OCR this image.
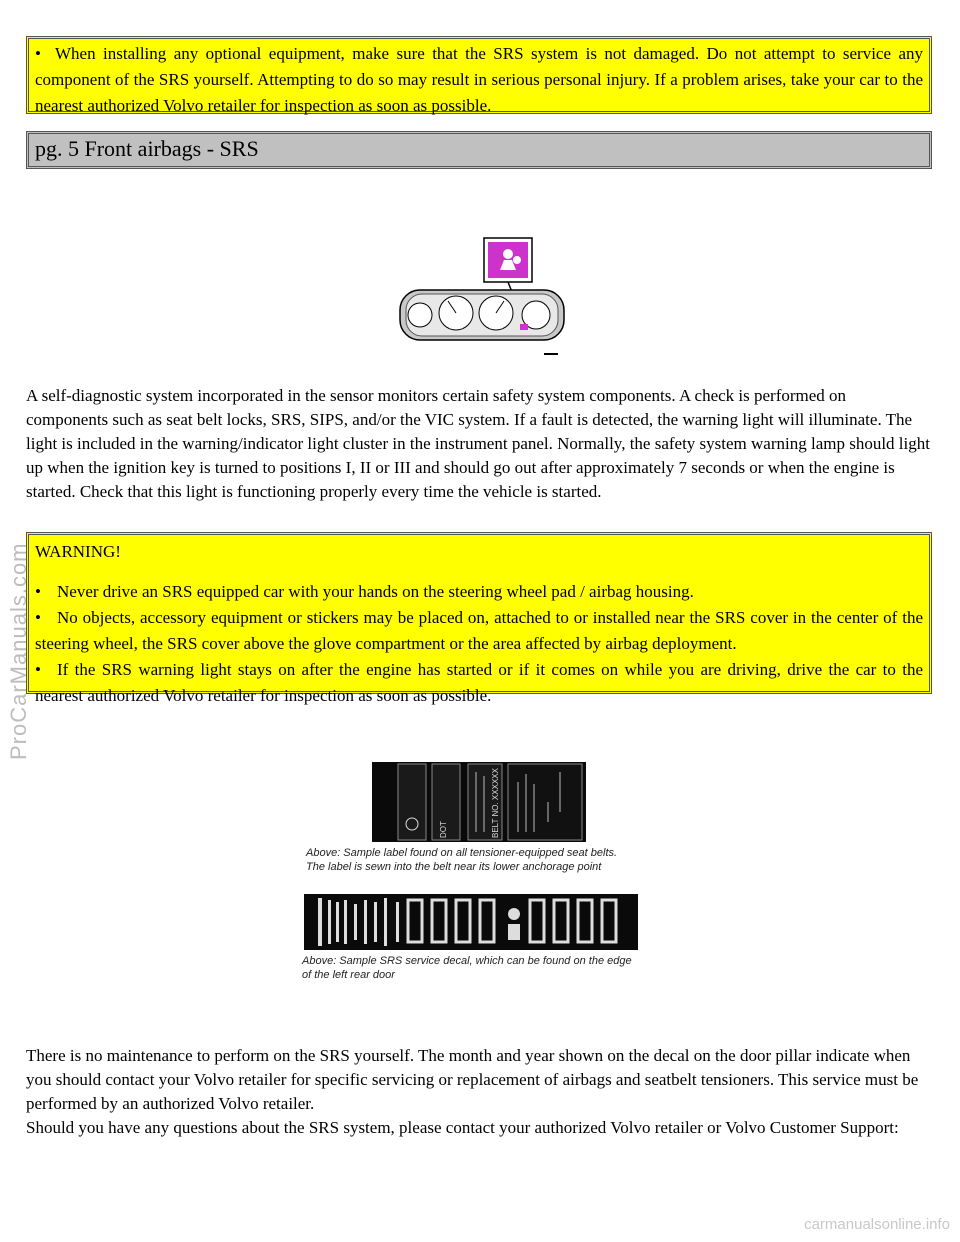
• When installing any optional equipment, make sure that the SRS system is not damaged. Do not attempt to service any component of the SRS yourself. Attempting to do so may result in serious personal injury. If a problem arises, take your car to the nearest authorized Volvo retailer for inspection as soon as possible.
pg. 5 Front airbags - SRS
A self-diagnostic system incorporated in the sensor monitors certain safety system components. A check is performed on components such as seat belt locks, SRS, SIPS, and/or the VIC system. If a fault is detected, the warning light will illuminate. The light is included in the warning/indicator light cluster in the instrument panel. Normally, the safety system warning lamp should light up when the ignition key is turned to positions I, II or III and should go out after approximately 7 seconds or when the engine is started. Check that this light is functioning properly every time the vehicle is started.
WARNING!
• Never drive an SRS equipped car with your hands on the steering wheel pad / airbag housing.
• No objects, accessory equipment or stickers may be placed on, attached to or installed near the SRS cover in the center of the steering wheel, the SRS cover above the glove compartment or the area affected by airbag deployment.
• If the SRS warning light stays on after the engine has started or if it comes on while you are driving, drive the car to the nearest authorized Volvo retailer for inspection as soon as possible.
DOT	BELT NO. XXXXXX
Above: Sample label found on all tensioner-equipped seat belts.
The label is sewn into the belt near its lower anchorage point
Above: Sample SRS service decal, which can be found on the edge
of the left rear door
There is no maintenance to perform on the SRS yourself. The month and year shown on the decal on the door pillar indicate when you should contact your Volvo retailer for specific servicing or replacement of airbags and seatbelt tensioners. This service must be performed by an authorized Volvo retailer.
Should you have any questions about the SRS system, please contact your authorized Volvo retailer or Volvo Customer Support:
ProCarManuals.com
carmanualsonline.info
